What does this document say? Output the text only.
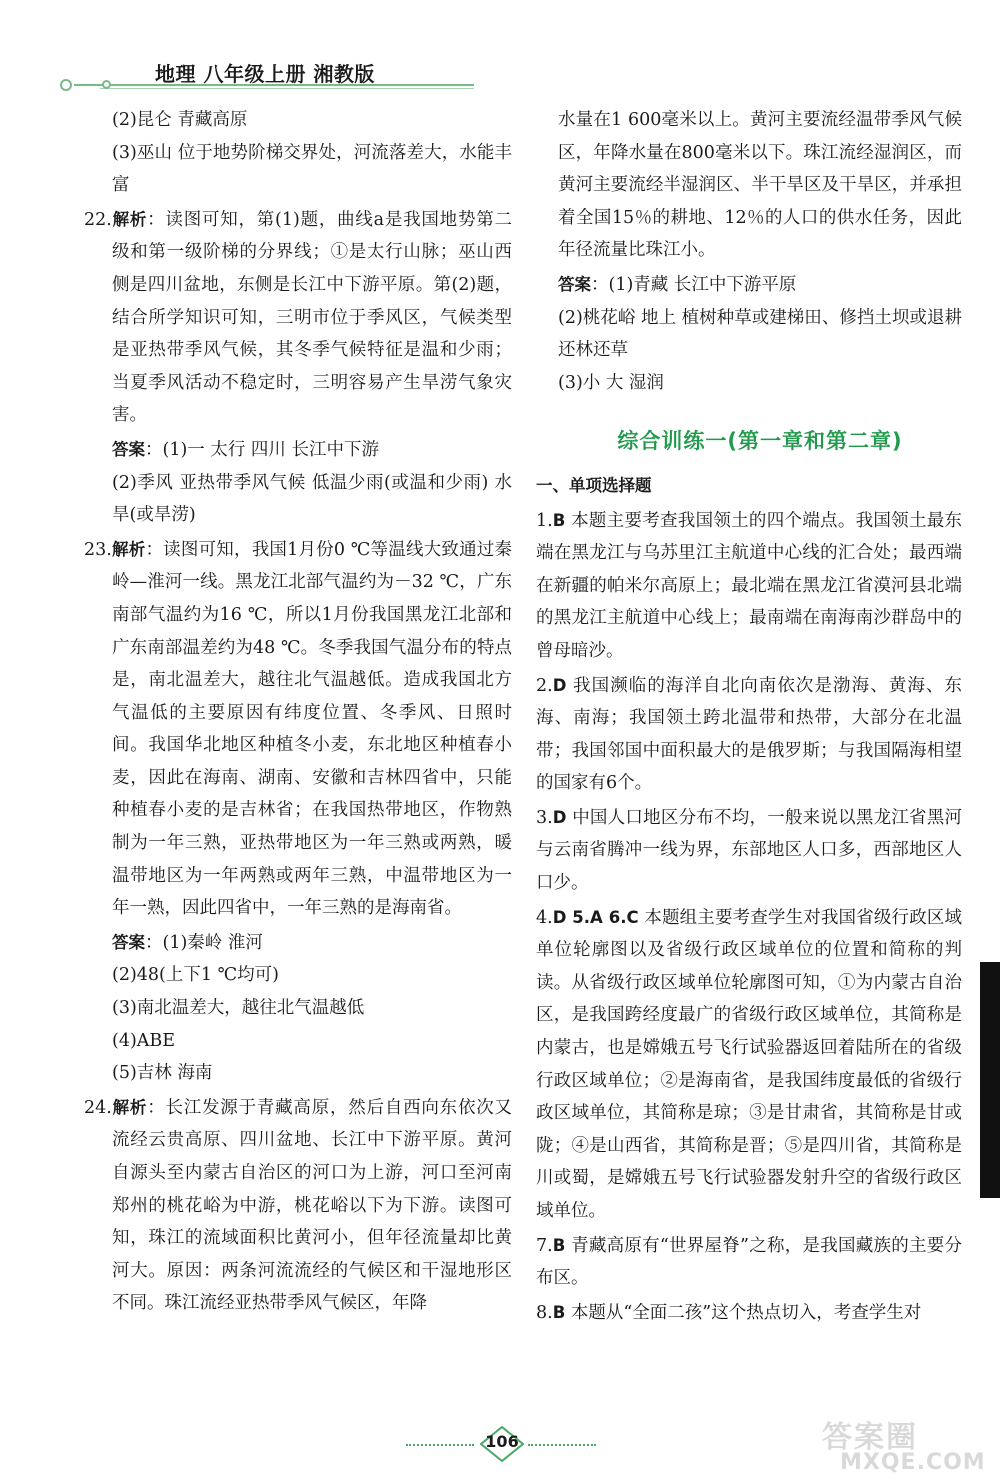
地理 八年级上册 湘教版
(2)昆仑 青藏高原
(3)巫山 位于地势阶梯交界处，河流落差大，水能丰富
22.解析：读图可知，第(1)题，曲线a是我国地势第二级和第一级阶梯的分界线；①是太行山脉；巫山西侧是四川盆地，东侧是长江中下游平原。第(2)题，结合所学知识可知，三明市位于季风区，气候类型是亚热带季风气候，其冬季气候特征是温和少雨；当夏季风活动不稳定时，三明容易产生旱涝气象灾害。
答案：(1)一 太行 四川 长江中下游
(2)季风 亚热带季风气候 低温少雨(或温和少雨) 水旱(或旱涝)
23.解析：读图可知，我国1月份0 ℃等温线大致通过秦岭—淮河一线。黑龙江北部气温约为－32 ℃，广东南部气温约为16 ℃，所以1月份我国黑龙江北部和广东南部温差约为48 ℃。冬季我国气温分布的特点是，南北温差大，越往北气温越低。造成我国北方气温低的主要原因有纬度位置、冬季风、日照时间。我国华北地区种植冬小麦，东北地区种植春小麦，因此在海南、湖南、安徽和吉林四省中，只能种植春小麦的是吉林省；在我国热带地区，作物熟制为一年三熟，亚热带地区为一年三熟或两熟，暖温带地区为一年两熟或两年三熟，中温带地区为一年一熟，因此四省中，一年三熟的是海南省。
答案：(1)秦岭 淮河
(2)48(上下1 ℃均可)
(3)南北温差大，越往北气温越低
(4)ABE
(5)吉林 海南
24.解析：长江发源于青藏高原，然后自西向东依次又流经云贵高原、四川盆地、长江中下游平原。黄河自源头至内蒙古自治区的河口为上游，河口至河南郑州的桃花峪为中游，桃花峪以下为下游。读图可知，珠江的流域面积比黄河小，但年径流量却比黄河大。原因：两条河流流经的气候区和干湿地形区不同。珠江流经亚热带季风气候区，年降
水量在1 600毫米以上。黄河主要流经温带季风气候区，年降水量在800毫米以下。珠江流经湿润区，而黄河主要流经半湿润区、半干旱区及干旱区，并承担着全国15％的耕地、12％的人口的供水任务，因此年径流量比珠江小。
答案：(1)青藏 长江中下游平原
(2)桃花峪 地上 植树种草或建梯田、修挡土坝或退耕还林还草
(3)小 大 湿润
综合训练一(第一章和第二章)
一、单项选择题
1.B 本题主要考查我国领土的四个端点。我国领土最东端在黑龙江与乌苏里江主航道中心线的汇合处；最西端在新疆的帕米尔高原上；最北端在黑龙江省漠河县北端的黑龙江主航道中心线上；最南端在南海南沙群岛中的曾母暗沙。
2.D 我国濒临的海洋自北向南依次是渤海、黄海、东海、南海；我国领土跨北温带和热带，大部分在北温带；我国邻国中面积最大的是俄罗斯；与我国隔海相望的国家有6个。
3.D 中国人口地区分布不均，一般来说以黑龙江省黑河与云南省腾冲一线为界，东部地区人口多，西部地区人口少。
4.D 5.A 6.C 本题组主要考查学生对我国省级行政区域单位轮廓图以及省级行政区域单位的位置和简称的判读。从省级行政区域单位轮廓图可知，①为内蒙古自治区，是我国跨经度最广的省级行政区域单位，其简称是内蒙古，也是嫦娥五号飞行试验器返回着陆所在的省级行政区域单位；②是海南省，是我国纬度最低的省级行政区域单位，其简称是琼；③是甘肃省，其简称是甘或陇；④是山西省，其简称是晋；⑤是四川省，其简称是川或蜀，是嫦娥五号飞行试验器发射升空的省级行政区域单位。
7.B 青藏高原有“世界屋脊”之称，是我国藏族的主要分布区。
8.B 本题从“全面二孩”这个热点切入，考查学生对
106	答案圈
MXQE.COM
